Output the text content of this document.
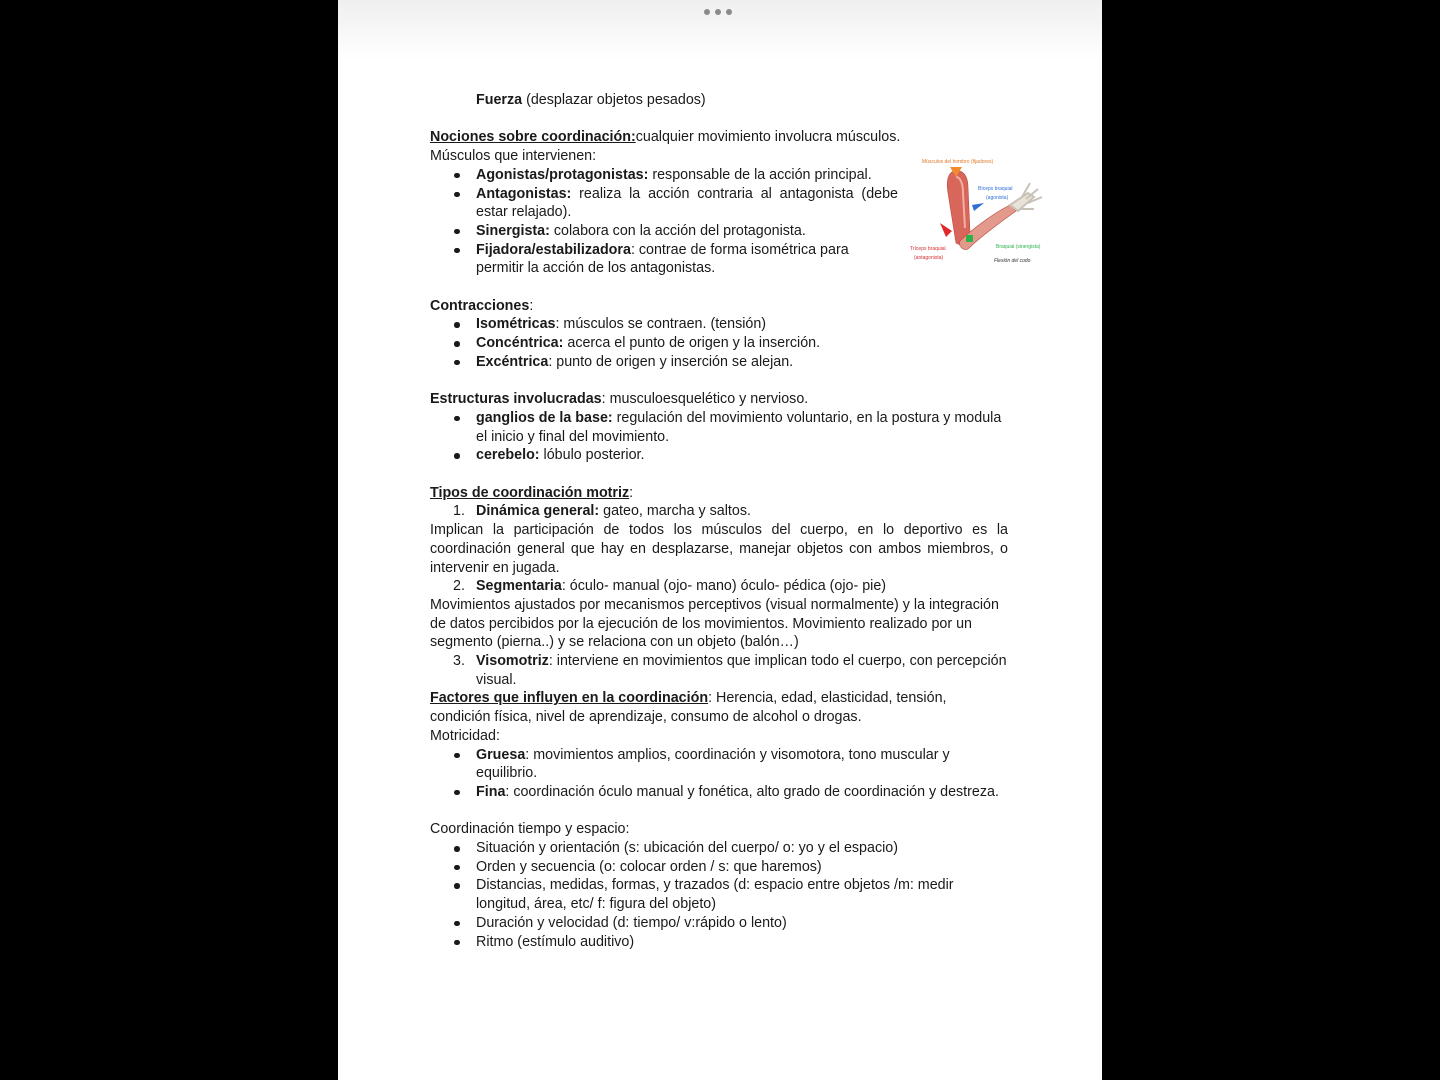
Fuerza (desplazar objetos pesados)

Nociones sobre coordinación:cualquier movimiento involucra músculos.

Músculos que intervienen:

Agonistas/protagonistas: responsable de la acción principal.
Antagonistas: realiza la acción contraria al antagonista (debe estar relajado).
Sinergista: colabora con la acción del protagonista.
Fijadora/estabilizadora: contrae de forma isométrica para permitir la acción de los antagonistas.

Contracciones:

Isométricas: músculos se contraen. (tensión)
Concéntrica: acerca el punto de origen y la inserción.
Excéntrica: punto de origen y inserción se alejan.

Estructuras involucradas: musculoesquelético y nervioso.

ganglios de la base: regulación del movimiento voluntario, en la postura y modula el inicio y final del movimiento.
cerebelo: lóbulo posterior.

Tipos de coordinación motriz:

1. Dinámica general: gateo, marcha y saltos.

Implican la participación de todos los músculos del cuerpo, en lo deportivo es la coordinación general que hay en desplazarse, manejar objetos con ambos miembros, o intervenir en jugada.

2. Segmentaria: óculo- manual (ojo- mano) óculo- pédica (ojo- pie)

Movimientos ajustados por mecanismos perceptivos (visual normalmente) y la integración de datos percibidos por la ejecución de los movimientos. Movimiento realizado por un segmento (pierna..) y se relaciona con un objeto (balón…)

3. Visomotriz: interviene en movimientos que implican todo el cuerpo, con percepción visual.

Factores que influyen en la coordinación: Herencia, edad, elasticidad, tensión, condición física, nivel de aprendizaje, consumo de alcohol o drogas.

Motricidad:

Gruesa: movimientos amplios, coordinación y visomotora, tono muscular y equilibrio.
Fina: coordinación óculo manual y fonética, alto grado de coordinación y destreza.

Coordinación tiempo y espacio:

Situación y orientación (s: ubicación del cuerpo/ o: yo y el espacio)
Orden y secuencia (o: colocar orden / s: que haremos)
Distancias, medidas, formas, y trazados (d: espacio entre objetos /m: medir longitud, área, etc/ f: figura del objeto)
Duración y velocidad (d: tiempo/ v:rápido o lento)
Ritmo (estímulo auditivo)
Músculos del hombro (fijadores)
Bíceps braquial
(agonista)
Tríceps braquial
(antagonista)
Braquial (sinergista)
Flexión del codo
